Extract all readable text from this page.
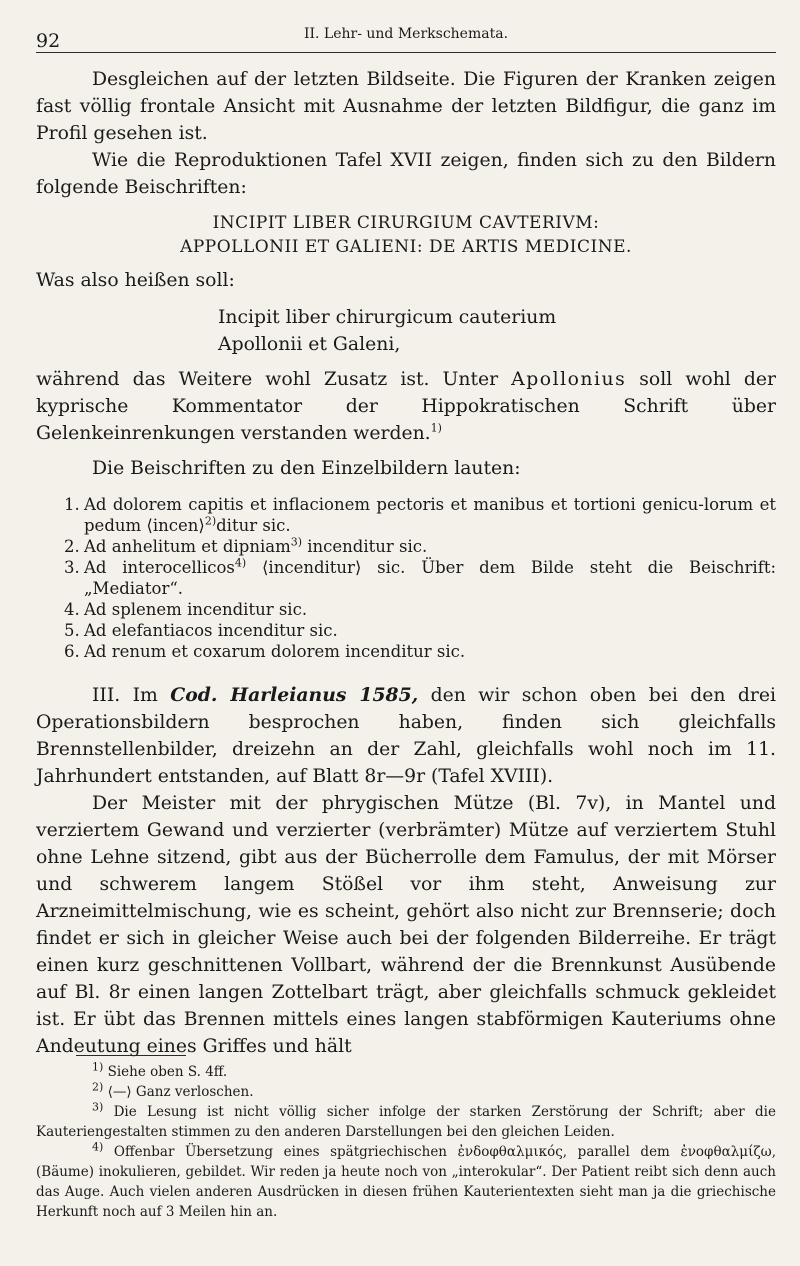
92	II. Lehr- und Merkschemata.

Desgleichen auf der letzten Bildseite. Die Figuren der Kranken zeigen fast völlig frontale Ansicht mit Ausnahme der letzten Bildfigur, die ganz im Profil gesehen ist.

Wie die Reproduktionen Tafel XVII zeigen, finden sich zu den Bildern folgende Beischriften:

INCIPIT LIBER CIRURGIUM CAVTERIVM:
APPOLLONII ET GALIENI: DE ARTIS MEDICINE.

Was also heißen soll:

Incipit liber chirurgicum cauterium
Apollonii et Galeni,

während das Weitere wohl Zusatz ist. Unter Apollonius soll wohl der kyprische Kommentator der Hippokratischen Schrift über Gelenkeinrenkungen verstanden werden.$^{1)}$

Die Beischriften zu den Einzelbildern lauten:

1. Ad dolorem capitis et inflacionem pectoris et manibus et tortioni genicu-lorum et pedum ⟨incen⟩$^{2)}$ditur sic.
2. Ad anhelitum et dipniam$^{3)}$ incenditur sic.
3. Ad interocellicos$^{4)}$ ⟨incenditur⟩ sic. Über dem Bilde steht die Beischrift: „Mediator“.
4. Ad splenem incenditur sic.
5. Ad elefantiacos incenditur sic.
6. Ad renum et coxarum dolorem incenditur sic.

III. Im Cod. Harleianus 1585, den wir schon oben bei den drei Operationsbildern besprochen haben, finden sich gleichfalls Brennstellenbilder, dreizehn an der Zahl, gleichfalls wohl noch im 11. Jahrhundert entstanden, auf Blatt 8r—9r (Tafel XVIII).

Der Meister mit der phrygischen Mütze (Bl. 7v), in Mantel und verziertem Gewand und verzierter (verbrämter) Mütze auf verziertem Stuhl ohne Lehne sitzend, gibt aus der Bücherrolle dem Famulus, der mit Mörser und schwerem langem Stößel vor ihm steht, Anweisung zur Arzneimittelmischung, wie es scheint, gehört also nicht zur Brennserie; doch findet er sich in gleicher Weise auch bei der folgenden Bilderreihe. Er trägt einen kurz geschnittenen Vollbart, während der die Brennkunst Ausübende auf Bl. 8r einen langen Zottelbart trägt, aber gleichfalls schmuck gekleidet ist. Er übt das Brennen mittels eines langen stabförmigen Kauteriums ohne Andeutung eines Griffes und hält

$^{1)}$ Siehe oben S. 4ff.

$^{2)}$ ⟨—⟩ Ganz verloschen.

$^{3)}$ Die Lesung ist nicht völlig sicher infolge der starken Zerstörung der Schrift; aber die Kauteriengestalten stimmen zu den anderen Darstellungen bei den gleichen Leiden.

$^{4)}$ Offenbar Übersetzung eines spätgriechischen ἐνδοφθαλμικός, parallel dem ἐνοφθαλμίζω, (Bäume) inokulieren, gebildet. Wir reden ja heute noch von „interokular“. Der Patient reibt sich denn auch das Auge. Auch vielen anderen Ausdrücken in diesen frühen Kauterientexten sieht man ja die griechische Herkunft noch auf 3 Meilen hin an.
